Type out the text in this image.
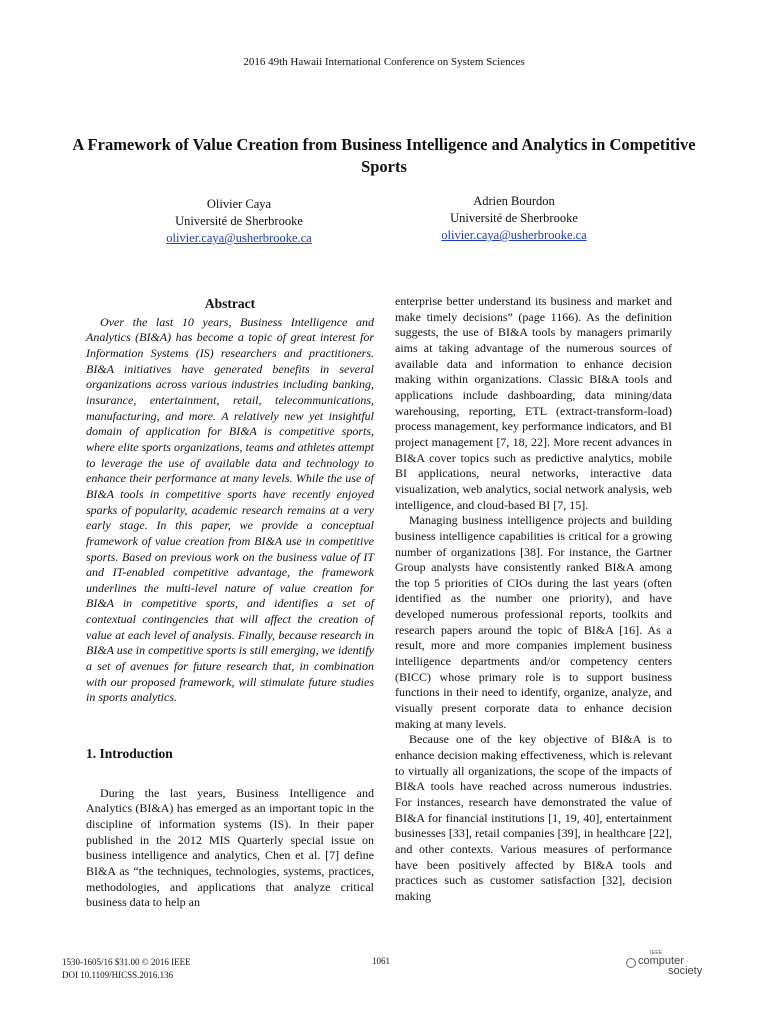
2016 49th Hawaii International Conference on System Sciences
A Framework of Value Creation from Business Intelligence and Analytics in Competitive Sports
Olivier Caya
Université de Sherbrooke
olivier.caya@usherbrooke.ca
Adrien Bourdon
Université de Sherbrooke
olivier.caya@usherbrooke.ca
Abstract

Over the last 10 years, Business Intelligence and Analytics (BI&A) has become a topic of great interest for Information Systems (IS) researchers and practitioners. BI&A initiatives have generated benefits in several organizations across various industries including banking, insurance, entertainment, retail, telecommunications, manufacturing, and more. A relatively new yet insightful domain of application for BI&A is competitive sports, where elite sports organizations, teams and athletes attempt to leverage the use of available data and technology to enhance their performance at many levels. While the use of BI&A tools in competitive sports have recently enjoyed sparks of popularity, academic research remains at a very early stage. In this paper, we provide a conceptual framework of value creation from BI&A use in competitive sports. Based on previous work on the business value of IT and IT-enabled competitive advantage, the framework underlines the multi-level nature of value creation for BI&A in competitive sports, and identifies a set of contextual contingencies that will affect the creation of value at each level of analysis. Finally, because research in BI&A use in competitive sports is still emerging, we identify a set of avenues for future research that, in combination with our proposed framework, will stimulate future studies in sports analytics.

1. Introduction

During the last years, Business Intelligence and Analytics (BI&A) has emerged as an important topic in the discipline of information systems (IS). In their paper published in the 2012 MIS Quarterly special issue on business intelligence and analytics, Chen et al. [7] define BI&A as “the techniques, technologies, systems, practices, methodologies, and applications that analyze critical business data to help an

enterprise better understand its business and market and make timely decisions” (page 1166). As the definition suggests, the use of BI&A tools by managers primarily aims at taking advantage of the numerous sources of available data and information to enhance decision making within organizations. Classic BI&A tools and applications include dashboarding, data mining/data warehousing, reporting, ETL (extract-transform-load) process management, key performance indicators, and BI project management [7, 18, 22]. More recent advances in BI&A cover topics such as predictive analytics, mobile BI applications, neural networks, interactive data visualization, web analytics, social network analysis, web intelligence, and cloud-based BI [7, 15].

Managing business intelligence projects and building business intelligence capabilities is critical for a growing number of organizations [38]. For instance, the Gartner Group analysts have consistently ranked BI&A among the top 5 priorities of CIOs during the last years (often identified as the number one priority), and have developed numerous professional reports, toolkits and research papers around the topic of BI&A [16]. As a result, more and more companies implement business intelligence departments and/or competency centers (BICC) whose primary role is to support business functions in their need to identify, organize, analyze, and visually present corporate data to enhance decision making at many levels.

Because one of the key objective of BI&A is to enhance decision making effectiveness, which is relevant to virtually all organizations, the scope of the impacts of BI&A tools have reached across numerous industries. For instances, research have demonstrated the value of BI&A for financial institutions [1, 19, 40], entertainment businesses [33], retail companies [39], in healthcare [22], and other contexts. Various measures of performance have been positively affected by BI&A tools and practices such as customer satisfaction [32], decision making

1530-1605/16 $31.00 © 2016 IEEE
DOI 10.1109/HICSS.2016.136
1061
IEEE
computer
society
